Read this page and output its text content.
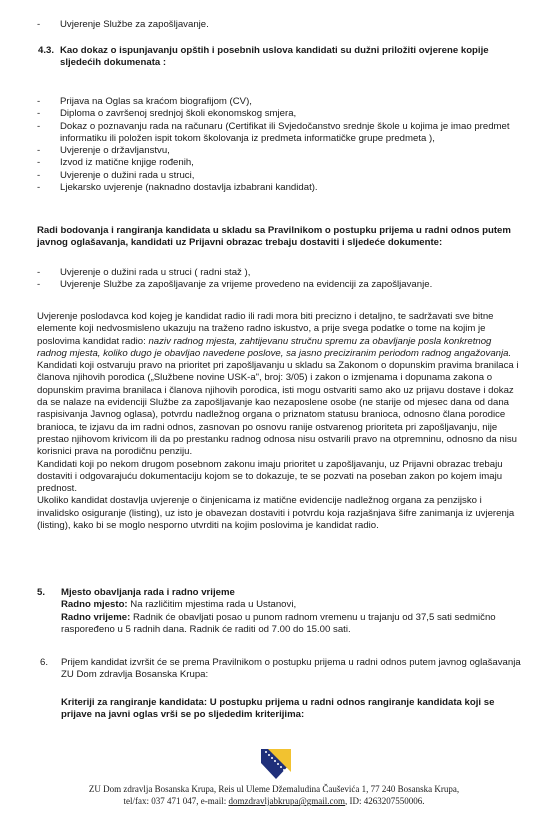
- Uvjerenje Službe za zapošljavanje.
4.3. Kao dokaz o ispunjavanju opštih i posebnih uslova kandidati su dužni priložiti ovjerene kopije sljedećih dokumenata :
- Prijava na Oglas sa kraćom biografijom (CV),
- Diploma o završenoj srednjoj školi ekonomskog smjera,
- Dokaz o poznavanju rada na računaru (Certifikat ili Svjedočanstvo srednje škole u kojima je imao predmet informatiku ili položen ispit tokom školovanja iz predmeta informatičke grupe predmeta ),
- Uvjerenje o državljanstvu,
- Izvod iz matične knjige rođenih,
- Uvjerenje o dužini rada u struci,
- Ljekarsko uvjerenje (naknadno dostavlja izbabrani kandidat).
Radi bodovanja i rangiranja kandidata u skladu sa Pravilnikom o postupku prijema u radni odnos putem javnog oglašavanja, kandidati uz Prijavni obrazac trebaju dostaviti i sljedeće dokumente:
- Uvjerenje o dužini rada u struci ( radni staž ),
- Uvjerenje Službe za zapošljavanje za vrijeme provedeno na evidenciji za zapošljavanje.

Uvjerenje poslodavca kod kojeg je kandidat radio ili radi mora biti precizno i detaljno, te sadržavati sve bitne elemente koji nedvosmisleno ukazuju na traženo radno iskustvo, a prije svega podatke o tome na kojim je poslovima kandidat radio: naziv radnog mjesta, zahtijevanu stručnu spremu za obavljanje posla konkretnog radnog mjesta, koliko dugo je obavljao navedene poslove, sa jasno preciziranim periodom radnog angažovanja.

Kandidati koji ostvaruju pravo na prioritet pri zapošljavanju u skladu sa Zakonom o dopunskim pravima branilaca i članova njihovih porodica („Službene novine USK-a", broj: 3/05) i zakon o izmjenama i dopunama zakona o dopunskim pravima branilaca i članova njihovih porodica, isti mogu ostvariti samo ako uz prijavu dostave i dokaz da se nalaze na evidenciji Službe za zapošljavanje kao nezaposlene osobe (ne starije od mjesec dana od dana raspisivanja Javnog oglasa), potvrdu nadležnog organa o priznatom statusu branioca, odnosno člana porodice branioca, te izjavu da im radni odnos, zasnovan po osnovu ranije ostvarenog prioriteta pri zapošljavanju, nije prestao njihovom krivicom ili da po prestanku radnog odnosa nisu ostvarili pravo na otpremninu, odnosno da nisu korisnici prava na porodičnu penziju.

Kandidati koji po nekom drugom posebnom zakonu imaju prioritet u zapošljavanju, uz Prijavni obrazac trebaju dostaviti i odgovarajuću dokumentaciju kojom se to dokazuje, te se pozvati na poseban zakon po kojem imaju prednost.

Ukoliko kandidat dostavlja uvjerenje o činjenicama iz matične evidencije nadležnog organa za penzijsko i invalidsko osiguranje (listing), uz isto je obavezan dostaviti i potvrdu koja razjašnjava šifre zanimanja iz uvjerenja (listing), kako bi se moglo nesporno utvrditi na kojim poslovima je kandidat radio.

5.	Mjesto obavljanja rada i radno vrijeme

Radno mjesto: Na različitim mjestima rada u Ustanovi,

Radno vrijeme: Radnik će obavljati posao u punom radnom vremenu u trajanju od 37,5 sati sedmično raspoređeno u 5 radnih dana. Radnik će raditi od 7.00 do 15.00 sati.

6.	Prijem kandidat izvršit će se prema Pravilnikom o postupku prijema u radni odnos putem javnog oglašavanja ZU Dom zdravlja Bosanska Krupa:
Kriteriji za rangiranje kandidata: U postupku prijema u radni odnos rangiranje kandidata koji se prijave na javni oglas vrši se po sljededim kriterijima:
ZU Dom zdravlja Bosanska Krupa, Reis ul Uleme Džemaludina Čauševića 1, 77 240 Bosanska Krupa,
tel/fax: 037 471 047, e-mail: domzdravljabkrupa@gmail.com, ID: 4263207550006.
